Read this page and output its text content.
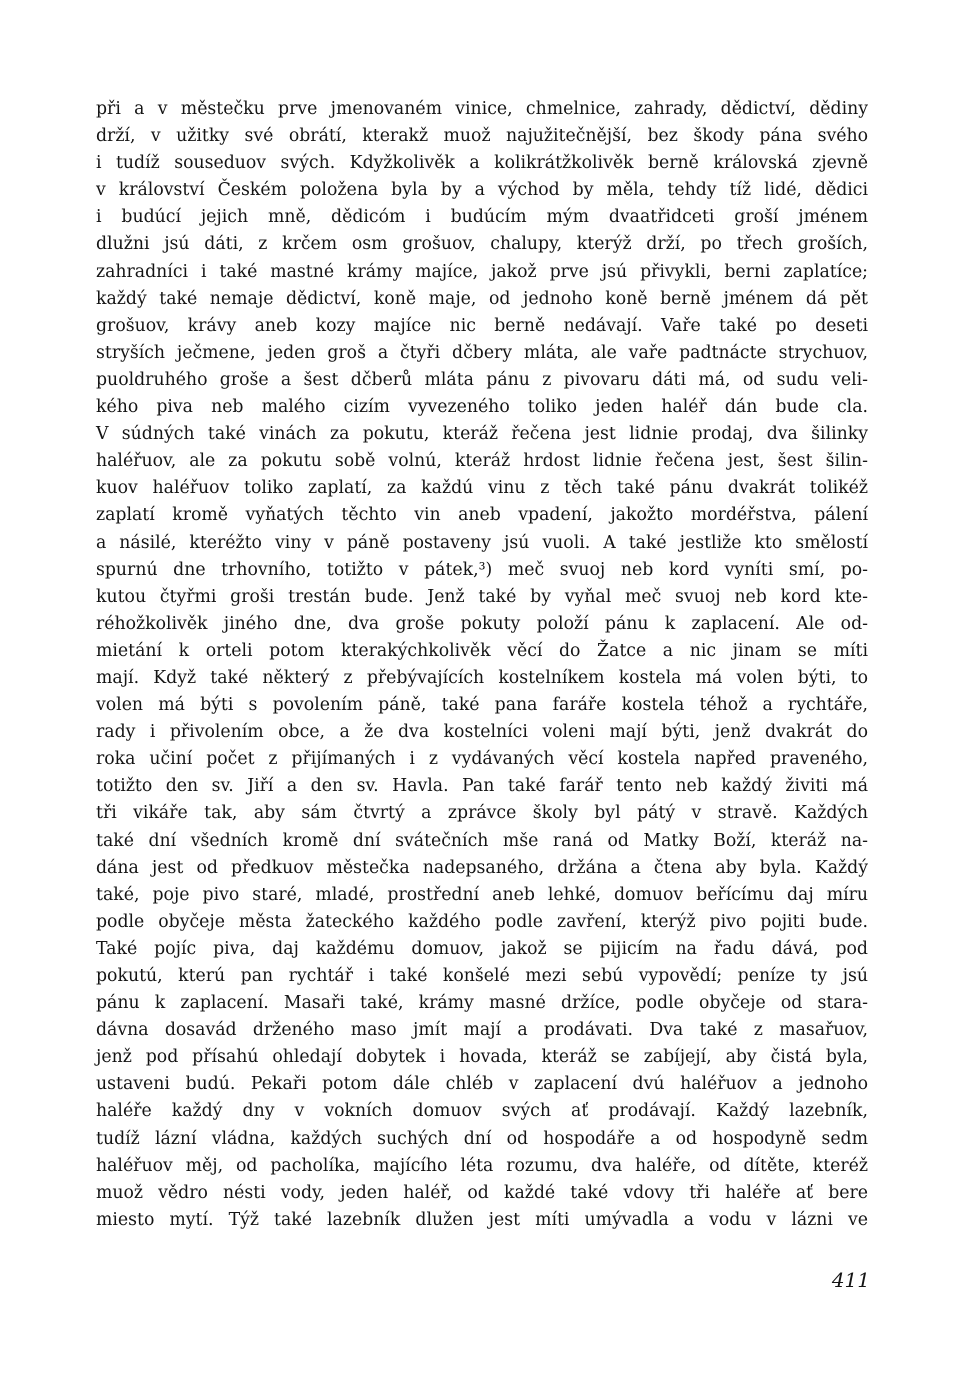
při a v městečku prve jmenovaném vinice, chmelnice, zahrady, dědictví, dědiny
drží, v užitky své obrátí, kterakž muož najužitečnější, bez škody pána svého
i tudíž souseduov svých. Kdyžkolivěk a kolikrátžkolivěk berně královská zjevně
v království Českém položena byla by a východ by měla, tehdy tíž lidé, dědici
i budúcí jejich mně, dědicóm i budúcím mým dvaatřidceti groší jménem
dlužni jsú dáti, z krčem osm grošuov, chalupy, kterýž drží, po třech groších,
zahradníci i také mastné krámy majíce, jakož prve jsú přivykli, berni zaplatíce;
každý také nemaje dědictví, koně maje, od jednoho koně berně jménem dá pět
grošuov, krávy aneb kozy majíce nic berně nedávají. Vaře také po deseti
stryších ječmene, jeden groš a čtyři dčbery mláta, ale vaře padtnácte strychuov,
puoldruhého groše a šest dčberů mláta pánu z pivovaru dáti má, od sudu veli-
kého piva neb malého cizím vyvezeného toliko jeden haléř dán bude cla.
V súdných také vinách za pokutu, kteráž řečena jest lidnie prodaj, dva šilinky
haléřuov, ale za pokutu sobě volnú, kteráž hrdost lidnie řečena jest, šest šilin-
kuov haléřuov toliko zaplatí, za každú vinu z těch také pánu dvakrát tolikéž
zaplatí kromě vyňatých těchto vin aneb vpadení, jakožto mordéřstva, pálení
a násilé, kteréžto viny v páně postaveny jsú vuoli. A také jestliže kto smělostí
spurnú dne trhovního, totižto v pátek,³) meč svuoj neb kord vyníti smí, po-
kutou čtyřmi groši trestán bude. Jenž také by vyňal meč svuoj neb kord kte-
réhožkolivěk jiného dne, dva groše pokuty položí pánu k zaplacení. Ale od-
mietání k orteli potom kterakýchkolivěk věcí do Žatce a nic jinam se míti
mají. Když také některý z přebývajících kostelníkem kostela má volen býti, to
volen má býti s povolením páně, také pana faráře kostela téhož a rychtáře,
rady i přivolením obce, a že dva kostelníci voleni mají býti, jenž dvakrát do
roka učiní počet z přijímaných i z vydávaných věcí kostela napřed praveného,
totižto den sv. Jiří a den sv. Havla. Pan také farář tento neb každý živiti má
tři vikáře tak, aby sám čtvrtý a zprávce školy byl pátý v stravě. Každých
také dní všedních kromě dní svátečních mše raná od Matky Boží, kteráž na-
dána jest od předkuov městečka nadepsaného, držána a čtena aby byla. Každý
také, poje pivo staré, mladé, prostřední aneb lehké, domuov beřícímu daj míru
podle obyčeje města žateckého každého podle zavření, kterýž pivo pojiti bude.
Také pojíc piva, daj každému domuov, jakož se pijicím na řadu dává, pod
pokutú, kterú pan rychtář i také konšelé mezi sebú vypovědí; peníze ty jsú
pánu k zaplacení. Masaři také, krámy masné držíce, podle obyčeje od stara-
dávna dosavád drženého maso jmít mají a prodávati. Dva také z masařuov,
jenž pod přísahú ohledají dobytek i hovada, kteráž se zabíjejí, aby čistá byla,
ustaveni budú. Pekaři potom dále chléb v zaplacení dvú haléřuov a jednoho
haléře každý dny v vokních domuov svých ať prodávají. Každý lazebník,
tudíž lázní vládna, každých suchých dní od hospodáře a od hospodyně sedm
haléřuov měj, od pacholíka, majícího léta rozumu, dva haléře, od dítěte, kteréž
muož vědro nésti vody, jeden haléř, od každé také vdovy tři haléře ať bere
miesto mytí. Týž také lazebník dlužen jest míti umývadla a vodu v lázni ve
411
